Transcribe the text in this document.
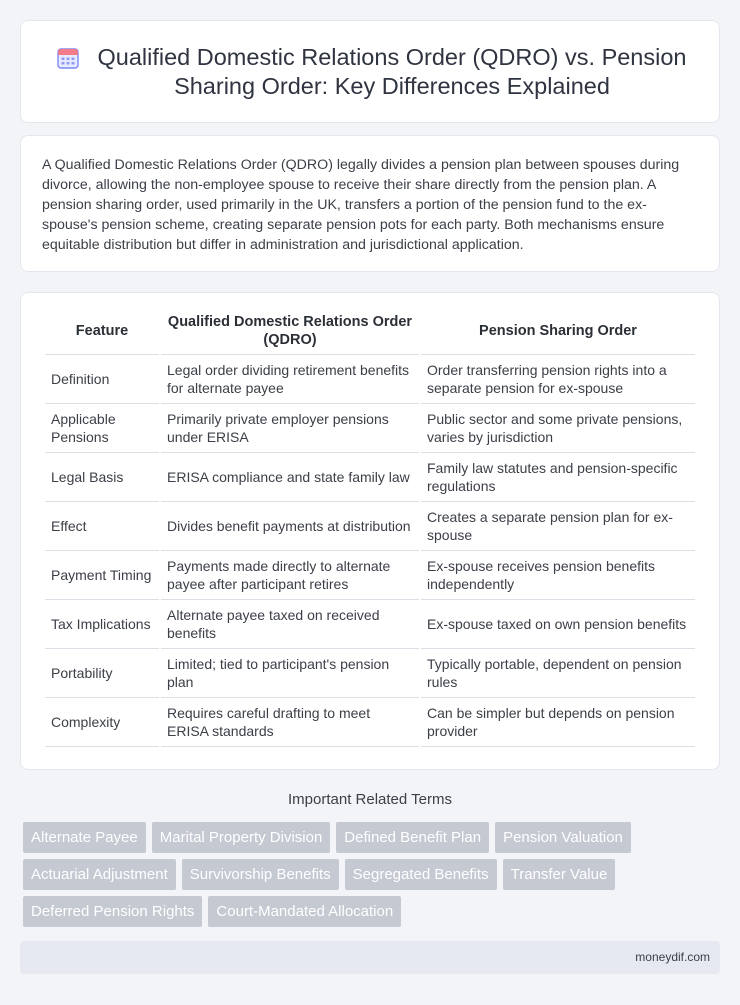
Qualified Domestic Relations Order (QDRO) vs. Pension Sharing Order: Key Differences Explained

A Qualified Domestic Relations Order (QDRO) legally divides a pension plan between spouses during divorce, allowing the non-employee spouse to receive their share directly from the pension plan. A pension sharing order, used primarily in the UK, transfers a portion of the pension fund to the ex-spouse's pension scheme, creating separate pension pots for each party. Both mechanisms ensure equitable distribution but differ in administration and jurisdictional application.

Feature	Qualified Domestic Relations Order (QDRO)	Pension Sharing Order
Definition	Legal order dividing retirement benefits for alternate payee	Order transferring pension rights into a separate pension for ex-spouse
Applicable Pensions	Primarily private employer pensions under ERISA	Public sector and some private pensions, varies by jurisdiction
Legal Basis	ERISA compliance and state family law	Family law statutes and pension-specific regulations
Effect	Divides benefit payments at distribution	Creates a separate pension plan for ex-spouse
Payment Timing	Payments made directly to alternate payee after participant retires	Ex-spouse receives pension benefits independently
Tax Implications	Alternate payee taxed on received benefits	Ex-spouse taxed on own pension benefits
Portability	Limited; tied to participant's pension plan	Typically portable, dependent on pension rules
Complexity	Requires careful drafting to meet ERISA standards	Can be simpler but depends on pension provider
Important Related Terms
Alternate Payee	Marital Property Division	Defined Benefit Plan	Pension Valuation
Actuarial Adjustment	Survivorship Benefits	Segregated Benefits	Transfer Value
Deferred Pension Rights	Court-Mandated Allocation
moneydif.com
